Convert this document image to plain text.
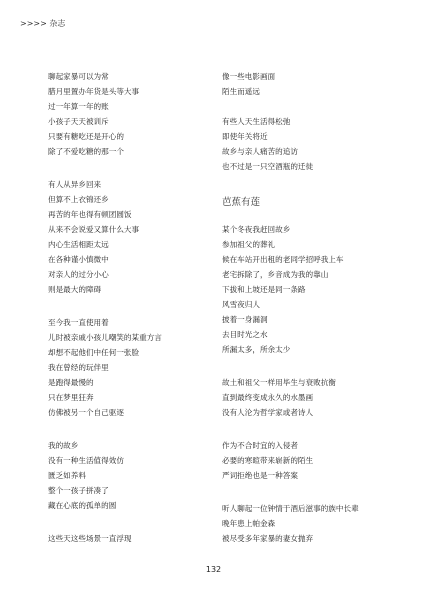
>>>> 杂志
聊起家暴可以为常
腊月里置办年货是头等大事
过一年算一年的账
小孩子天天被训斥
只要有糖吃还是开心的
除了不爱吃糖的那一个
有人从异乡回来
但算不上衣锦还乡
再苦的年也得有顿团圆饭
从来不会说爱又算什么大事
内心生活相距太远
在各种谨小慎微中
对亲人的过分小心
则是最大的障碍
至今我一直使用着
儿时被亲戚小孩儿嘲笑的某重方言
却想不起他们中任何一张脸
我在曾经的玩伴里
是跑得最慢的
只在梦里狂奔
仿佛被另一个自己驱逐
我的故乡
没有一种生活值得效仿
匮乏如养料
整个一孩子拼凑了
藏在心底的孤单的圆
这些天这些场景一直浮现
像一些电影画面
陌生而遥远
有些人天生活得松弛
即使年关将近
故乡与亲人痛苦的追访
也不过是一只空酒瓶的迁徙
芭蕉有莲
某个冬夜我赶回故乡
参加祖父的葬礼
候在车站开出租的老同学招呼我上车
老宅拆除了，乡音成为我的靠山
下拔和上坡还是同一条路
风雪夜归人
披着一身漏洞
去目时光之水
所漏太多，所余太少
故土和祖父一样用毕生与衰败抗衡
直到最终变成永久的水墨画
没有人沦为哲学家或者诗人
作为不合时宜的入侵者
必要的寒暄带来崭新的陌生
严词拒绝也是一种答案
听人聊起一位钟情于酒后滋事的族中长辈
晚年患上帕金森
被尽受多年家暴的妻女抛弃
132
